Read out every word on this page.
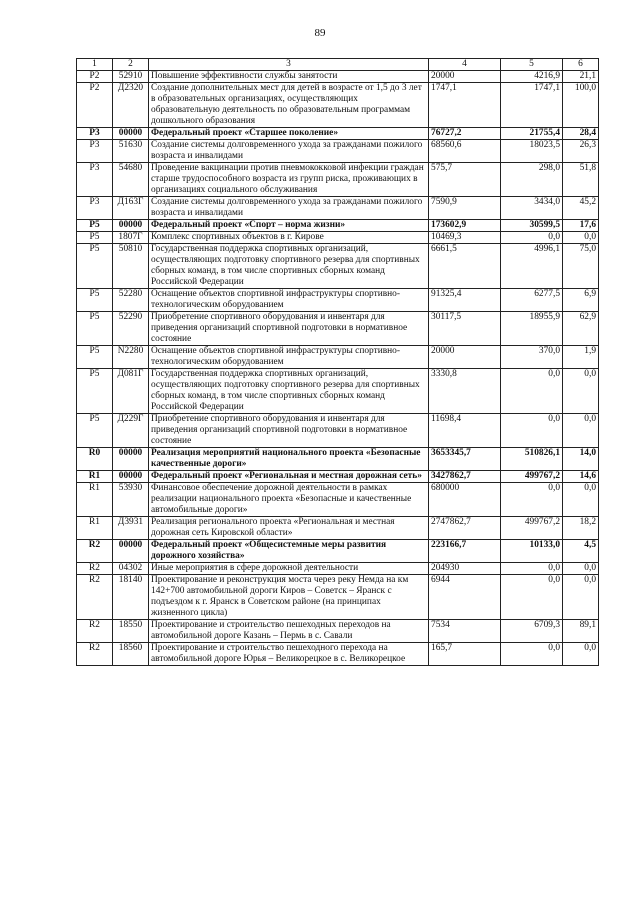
89
1	2	3	4	5	6
Р2	52910	Повышение эффективности службы занятости	20000	4216,9	21,1
Р2	Д2320	Создание дополнительных мест для детей в возрасте от 1,5 до 3 лет в образовательных организациях, осуществляющих образовательную деятельность по образовательным программам дошкольного образования	1747,1	1747,1	100,0
Р3	00000	Федеральный проект «Старшее поколение»	76727,2	21755,4	28,4
Р3	51630	Создание системы долговременного ухода за гражданами пожилого возраста и инвалидами	68560,6	18023,5	26,3
Р3	54680	Проведение вакцинации против пневмококковой инфекции граждан старше трудоспособного возраста из групп риска, проживающих в организациях социального обслуживания	575,7	298,0	51,8
Р3	Д163Г	Создание системы долговременного ухода за гражданами пожилого возраста и инвалидами	7590,9	3434,0	45,2
Р5	00000	Федеральный проект «Спорт – норма жизни»	173602,9	30599,5	17,6
Р5	1807Г	Комплекс спортивных объектов в г. Кирове	10469,3	0,0	0,0
Р5	50810	Государственная поддержка спортивных организаций, осуществляющих подготовку спортивного резерва для спортивных сборных команд, в том числе спортивных сборных команд Российской Федерации	6661,5	4996,1	75,0
Р5	52280	Оснащение объектов спортивной инфраструктуры спортивно-технологическим оборудованием	91325,4	6277,5	6,9
Р5	52290	Приобретение спортивного оборудования и инвентаря для приведения организаций спортивной подготовки в нормативное состояние	30117,5	18955,9	62,9
Р5	N2280	Оснащение объектов спортивной инфраструктуры спортивно-технологическим оборудованием	20000	370,0	1,9
Р5	Д081Г	Государственная поддержка спортивных организаций, осуществляющих подготовку спортивного резерва для спортивных сборных команд, в том числе спортивных сборных команд Российской Федерации	3330,8	0,0	0,0
Р5	Д229Г	Приобретение спортивного оборудования и инвентаря для приведения организаций спортивной подготовки в нормативное состояние	11698,4	0,0	0,0
R0	00000	Реализация мероприятий национального проекта «Безопасные качественные дороги»	3653345,7	510826,1	14,0
R1	00000	Федеральный проект «Региональная и местная дорожная сеть»	3427862,7	499767,2	14,6
R1	53930	Финансовое обеспечение дорожной деятельности в рамках реализации национального проекта «Безопасные и качественные автомобильные дороги»	680000	0,0	0,0
R1	Д3931	Реализация регионального проекта «Региональная и местная дорожная сеть Кировской области»	2747862,7	499767,2	18,2
R2	00000	Федеральный проект «Общесистемные меры развития дорожного хозяйства»	223166,7	10133,0	4,5
R2	04302	Иные мероприятия в сфере дорожной деятельности	204930	0,0	0,0
R2	18140	Проектирование и реконструкция моста через реку Немда на км 142+700 автомобильной дороги Киров – Советск – Яранск с подъездом к г. Яранск в Советском районе (на принципах жизненного цикла)	6944	0,0	0,0
R2	18550	Проектирование и строительство пешеходных переходов на автомобильной дороге Казань – Пермь в с. Савали	7534	6709,3	89,1
R2	18560	Проектирование и строительство пешеходного перехода на автомобильной дороге Юрья – Великорецкое в с. Великорецкое	165,7	0,0	0,0
